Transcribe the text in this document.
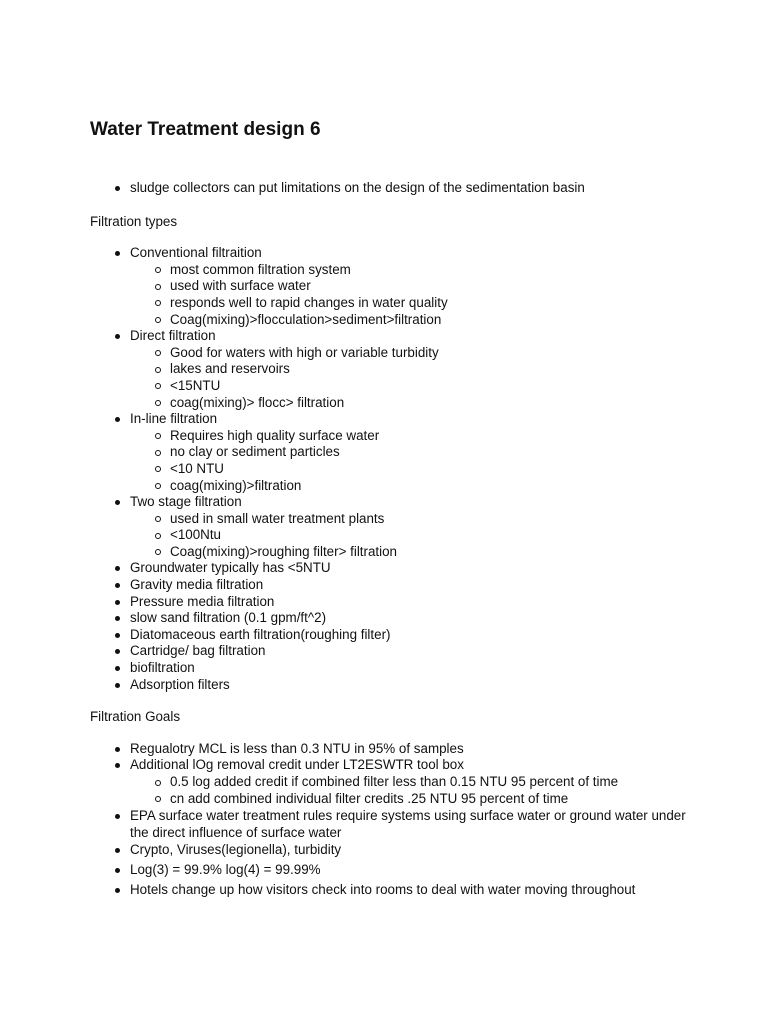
Water Treatment design 6
sludge collectors can put limitations on the design of the sedimentation basin

Filtration types

Conventional filtraition
most common filtration system
used with surface water
responds well to rapid changes in water quality
Coag(mixing)>flocculation>sediment>filtration
Direct filtration
Good for waters with high or variable turbidity
lakes and reservoirs
<15NTU
coag(mixing)> flocc> filtration
In-line filtration
Requires high quality surface water
no clay or sediment particles
<10 NTU
coag(mixing)>filtration
Two stage filtration
used in small water treatment plants
<100Ntu
Coag(mixing)>roughing filter> filtration
Groundwater typically has <5NTU
Gravity media filtration
Pressure media filtration
slow sand filtration (0.1 gpm/ft^2)
Diatomaceous earth filtration(roughing filter)
Cartridge/ bag filtration
biofiltration
Adsorption filters

Filtration Goals

Regualotry MCL is less than 0.3 NTU in 95% of samples
Additional lOg removal credit under LT2ESWTR tool box
0.5 log added credit if combined filter less than 0.15 NTU 95 percent of time
cn add combined individual filter credits .25 NTU 95 percent of time
EPA surface water treatment rules require systems using surface water or ground water under the direct influence of surface water
Crypto, Viruses(legionella), turbidity
Log(3) = 99.9% log(4) = 99.99%
Hotels change up how visitors check into rooms to deal with water moving throughout
